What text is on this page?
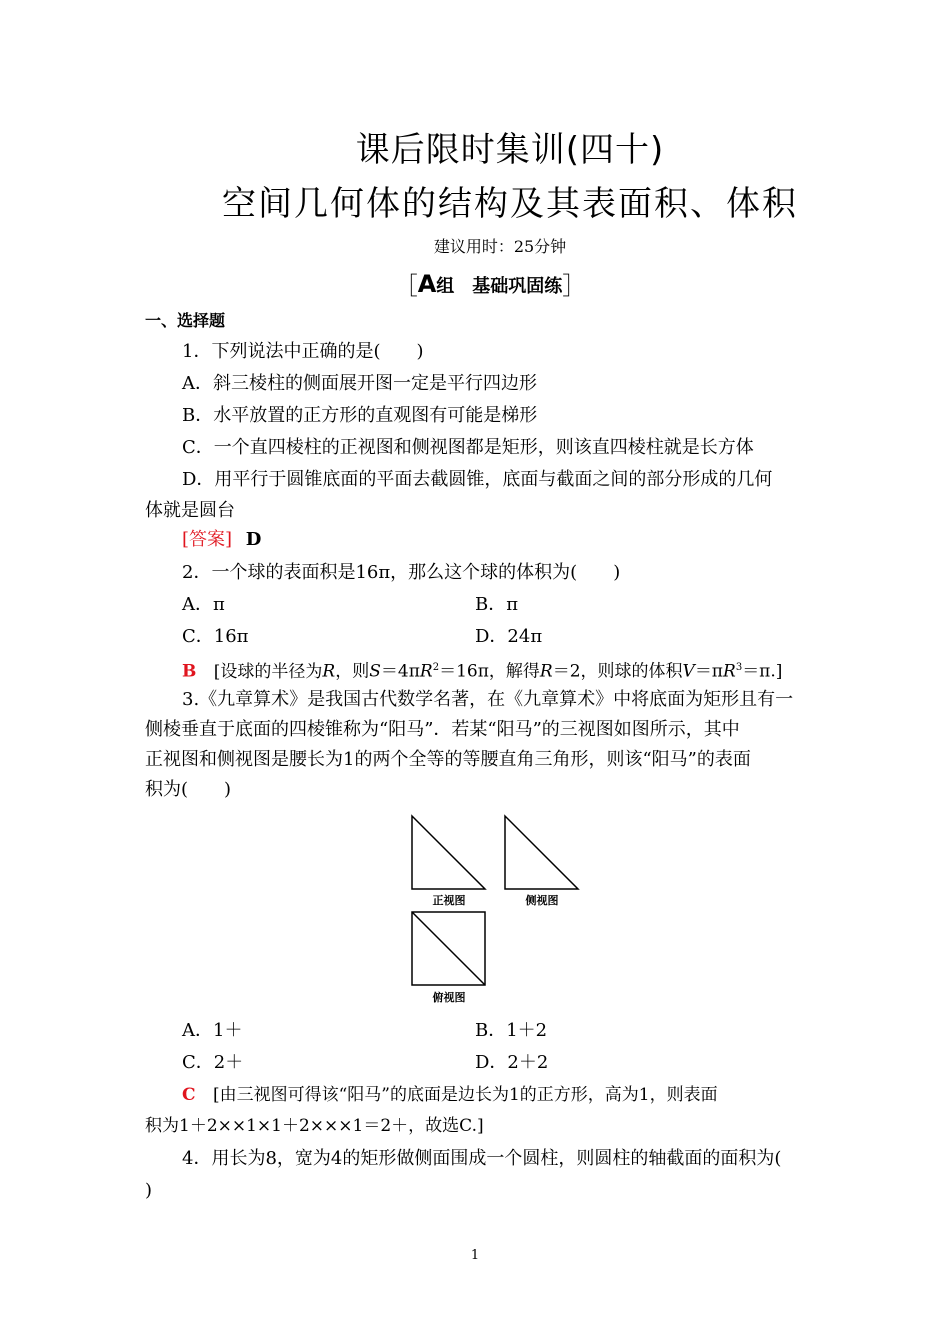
课后限时集训(四十)
空间几何体的结构及其表面积、体积
建议用时：25分钟
［A组 基础巩固练］
一、选择题
1．下列说法中正确的是(　　)
A．斜三棱柱的侧面展开图一定是平行四边形
B．水平放置的正方形的直观图有可能是梯形
C．一个直四棱柱的正视图和侧视图都是矩形，则该直四棱柱就是长方体
D．用平行于圆锥底面的平面去截圆锥，底面与截面之间的部分形成的几何
体就是圆台
[答案] D
2．一个球的表面积是16π，那么这个球的体积为(　　)
A．π	B．π
C．16π	D．24π
B [设球的半径为R，则$S=4\pi R^2=16\pi$，解得R＝2，则球的体积$V=\pi R^3=\pi$.]
3.《九章算术》是我国古代数学名著，在《九章算术》中将底面为矩形且有一
侧棱垂直于底面的四棱锥称为“阳马”．若某“阳马”的三视图如图所示，其中
正视图和侧视图是腰长为1的两个全等的等腰直角三角形，则该“阳马”的表面
积为(　　)
正视图	侧视图
俯视图
A．1＋	B．1＋2
C．2＋	D．2＋2
C [由三视图可得该“阳马”的底面是边长为1的正方形，高为1，则表面
积为1＋2××1×1＋2×××1＝2＋，故选C.]
4．用长为8，宽为4的矩形做侧面围成一个圆柱，则圆柱的轴截面的面积为(
)
1
